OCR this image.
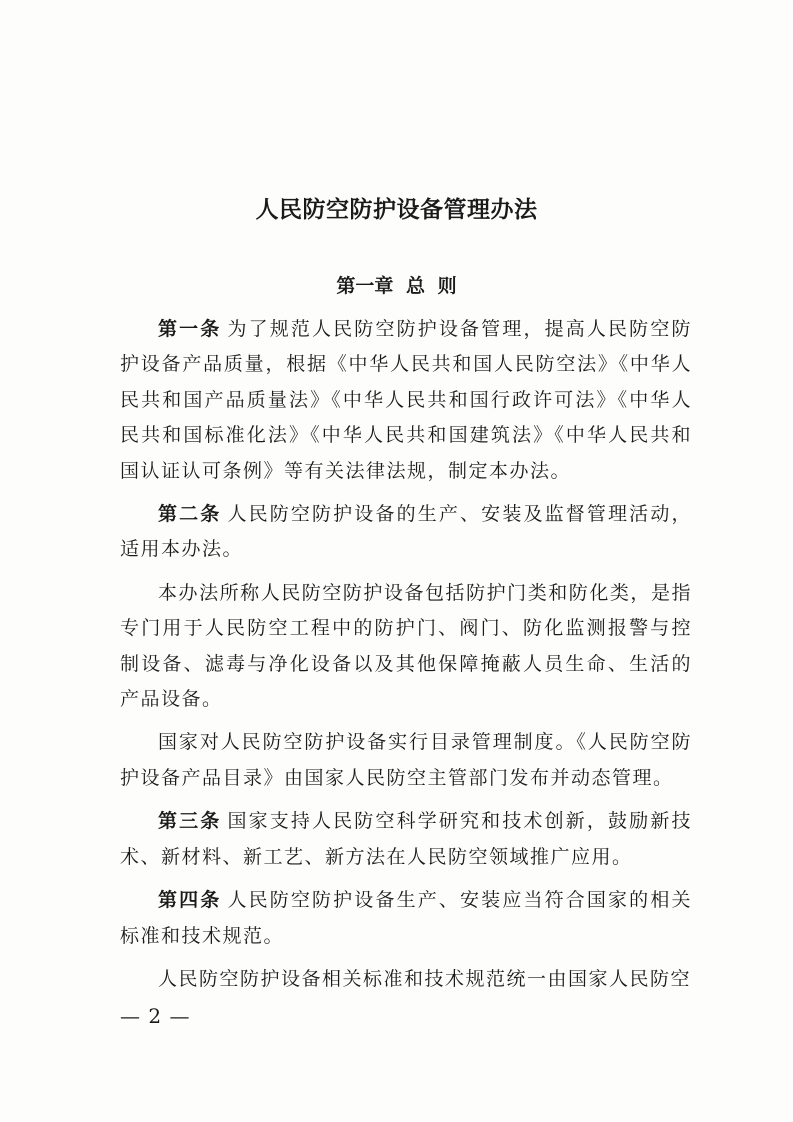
人民防空防护设备管理办法
第一章 总 则

第一条 为了规范人民防空防护设备管理，提高人民防空防护设备产品质量，根据《中华人民共和国人民防空法》《中华人民共和国产品质量法》《中华人民共和国行政许可法》《中华人民共和国标准化法》《中华人民共和国建筑法》《中华人民共和国认证认可条例》等有关法律法规，制定本办法。

第二条 人民防空防护设备的生产、安装及监督管理活动，适用本办法。

本办法所称人民防空防护设备包括防护门类和防化类，是指专门用于人民防空工程中的防护门、阀门、防化监测报警与控制设备、滤毒与净化设备以及其他保障掩蔽人员生命、生活的产品设备。

国家对人民防空防护设备实行目录管理制度。《人民防空防护设备产品目录》由国家人民防空主管部门发布并动态管理。

第三条 国家支持人民防空科学研究和技术创新，鼓励新技术、新材料、新工艺、新方法在人民防空领域推广应用。

第四条 人民防空防护设备生产、安装应当符合国家的相关标准和技术规范。

人民防空防护设备相关标准和技术规范统一由国家人民防空

— 2 —
